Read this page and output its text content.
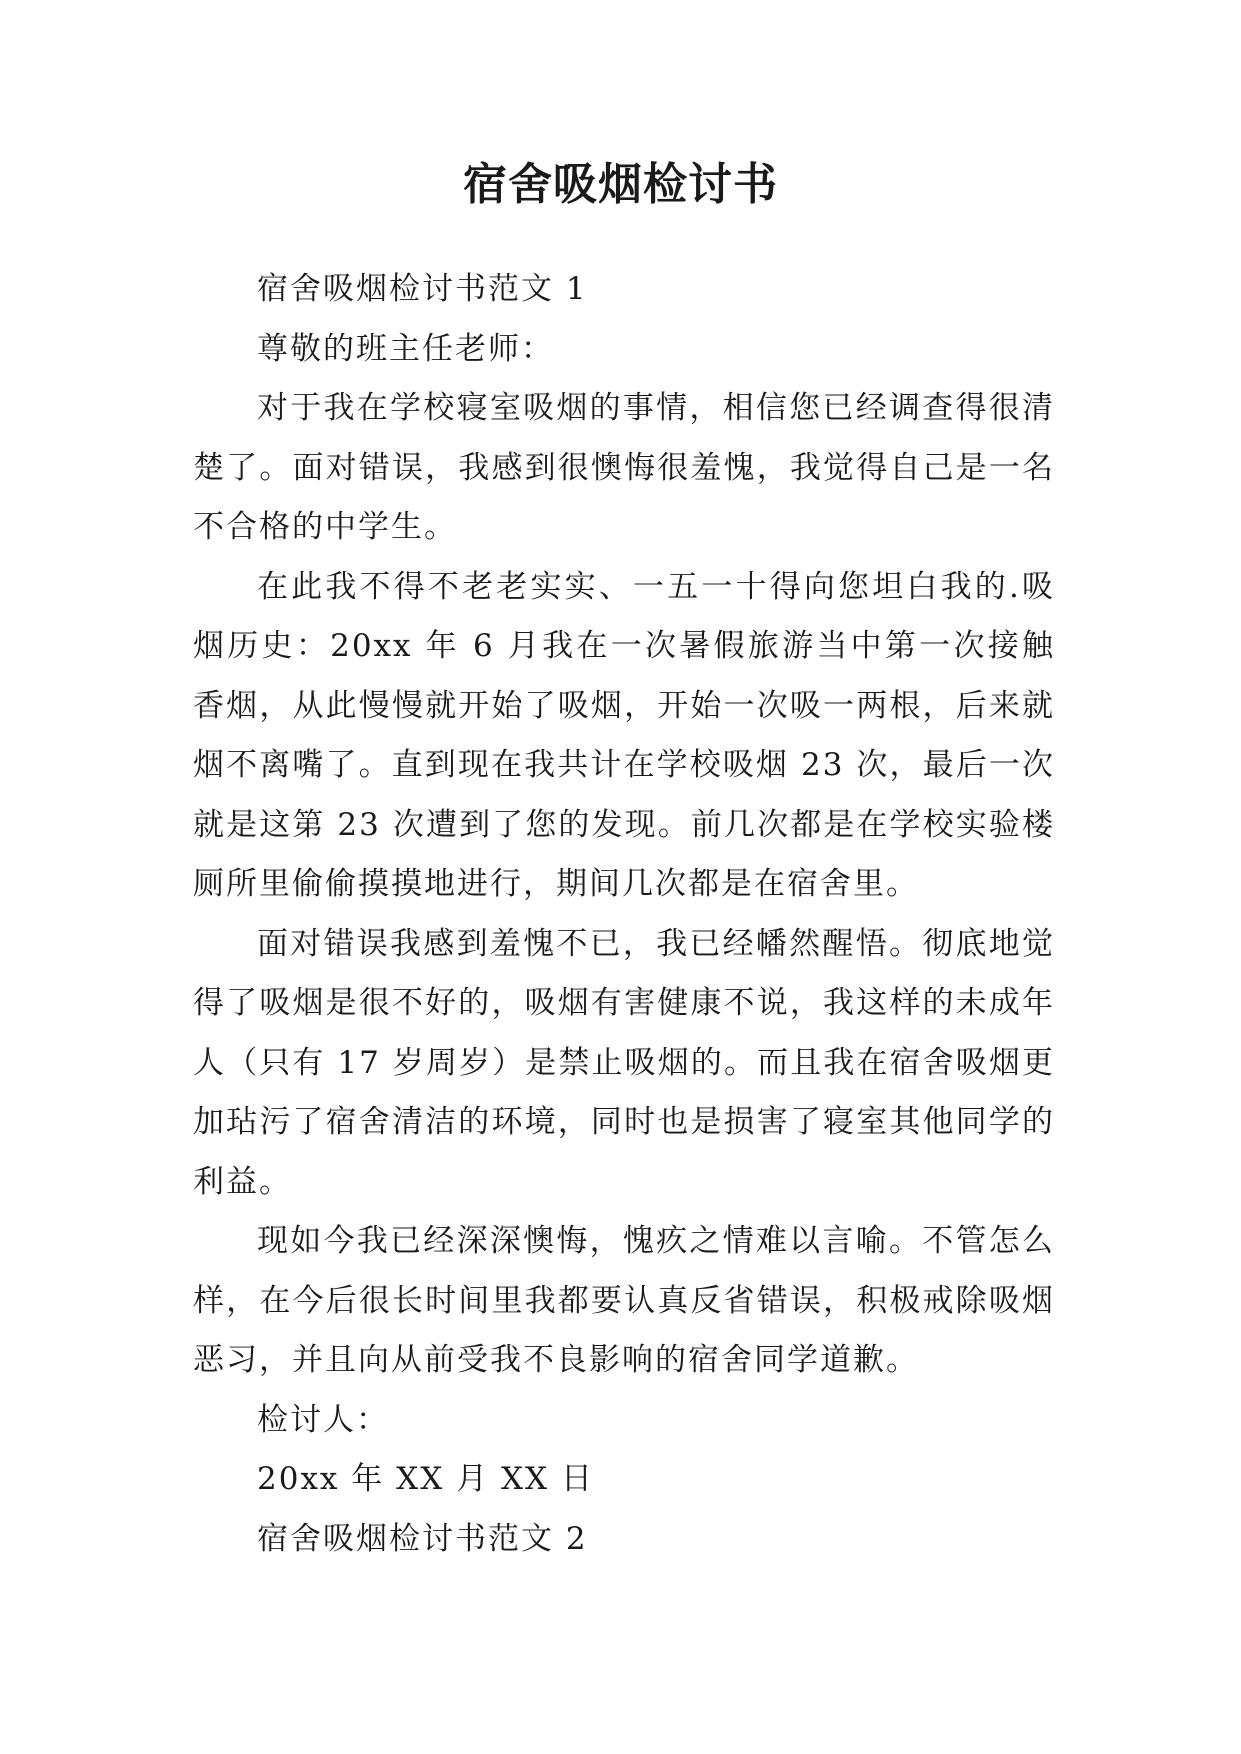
宿舍吸烟检讨书

宿舍吸烟检讨书范文 1

尊敬的班主任老师：

对于我在学校寝室吸烟的事情，相信您已经调查得很清楚了。面对错误，我感到很懊悔很羞愧，我觉得自己是一名不合格的中学生。

在此我不得不老老实实、一五一十得向您坦白我的.吸烟历史：20xx 年 6 月我在一次暑假旅游当中第一次接触香烟，从此慢慢就开始了吸烟，开始一次吸一两根，后来就烟不离嘴了。直到现在我共计在学校吸烟 23 次，最后一次就是这第 23 次遭到了您的发现。前几次都是在学校实验楼厕所里偷偷摸摸地进行，期间几次都是在宿舍里。

面对错误我感到羞愧不已，我已经幡然醒悟。彻底地觉得了吸烟是很不好的，吸烟有害健康不说，我这样的未成年人（只有 17 岁周岁）是禁止吸烟的。而且我在宿舍吸烟更加玷污了宿舍清洁的环境，同时也是损害了寝室其他同学的利益。

现如今我已经深深懊悔，愧疚之情难以言喻。不管怎么样，在今后很长时间里我都要认真反省错误，积极戒除吸烟恶习，并且向从前受我不良影响的宿舍同学道歉。

检讨人：

20xx 年 XX 月 XX 日

宿舍吸烟检讨书范文 2
